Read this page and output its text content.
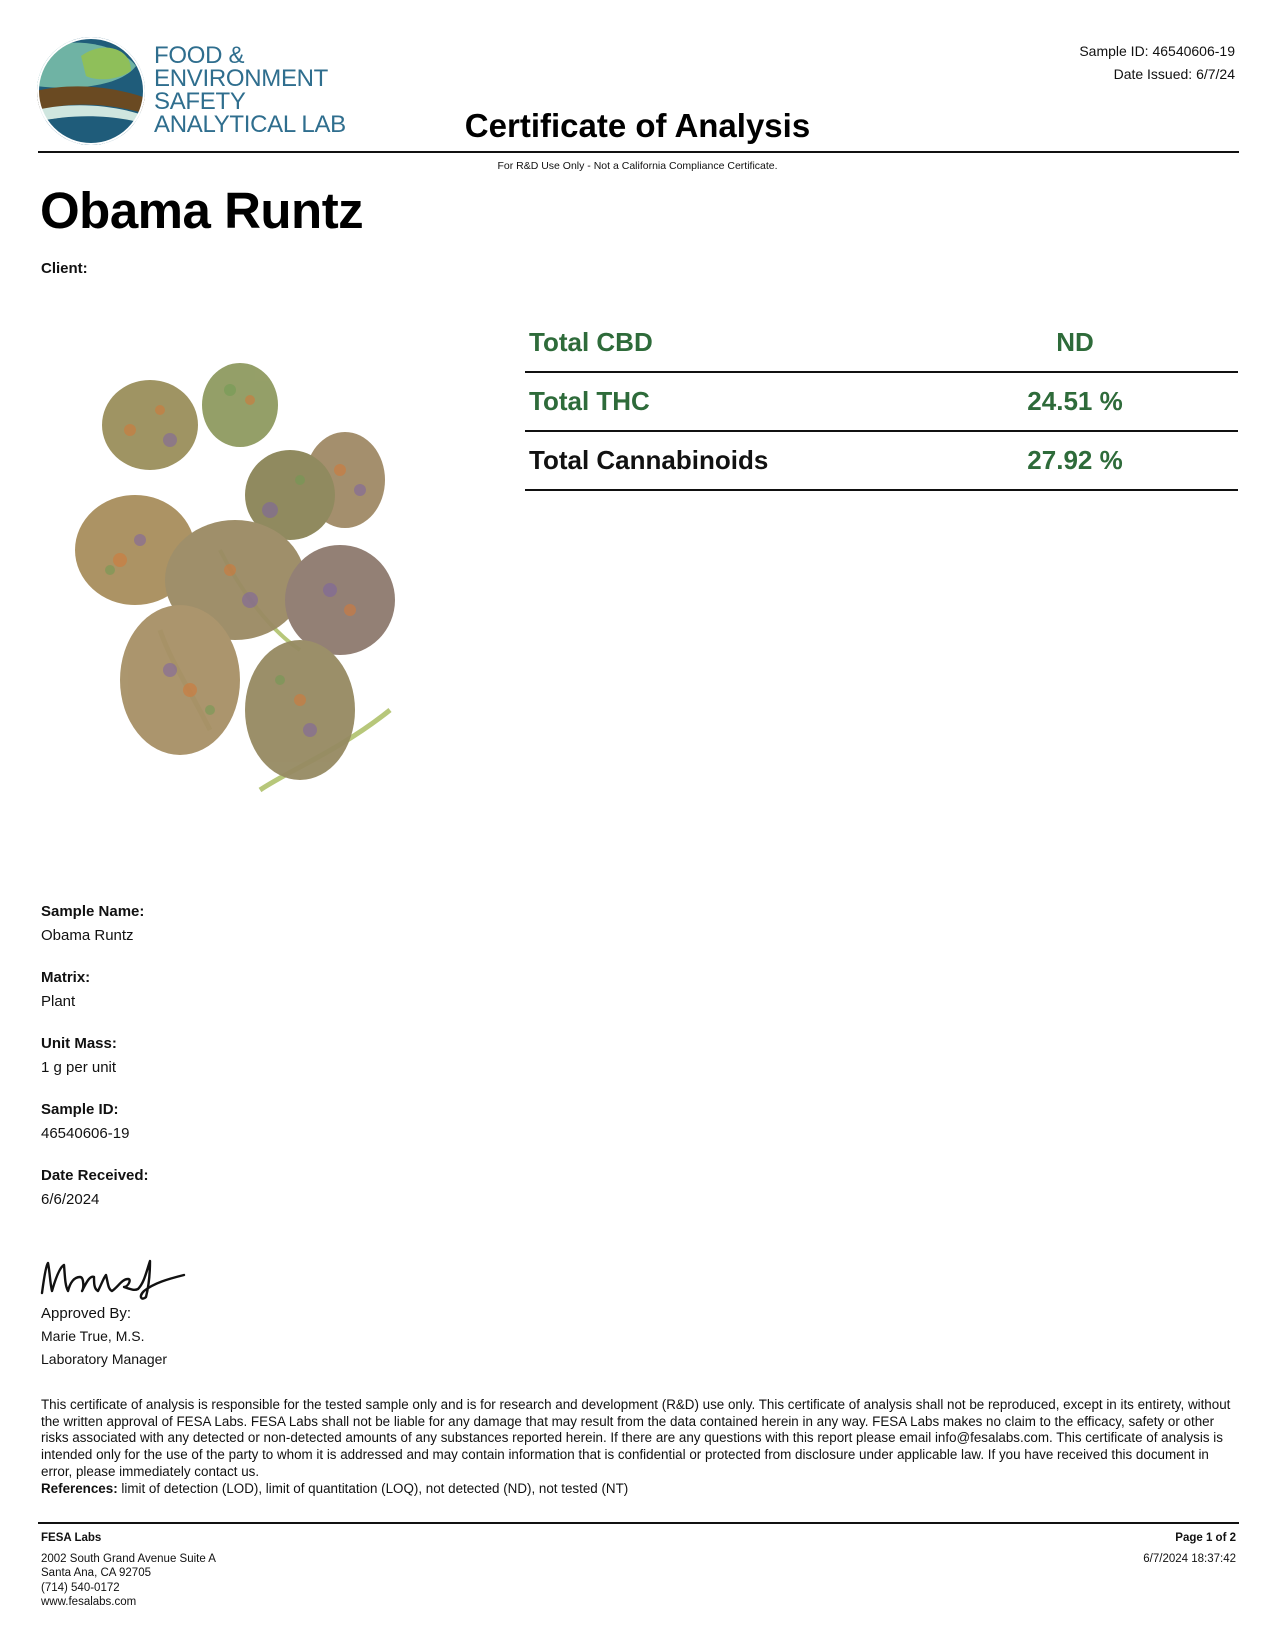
FOOD &
ENVIRONMENT
SAFETY
ANALYTICAL LAB
Sample ID: 46540606-19
Date Issued: 6/7/24
Certificate of Analysis
For R&D Use Only - Not a California Compliance Certificate.
Obama Runtz
Client:
Total CBD	ND
Total THC	24.51 %
Total Cannabinoids	27.92 %
Sample Name:
Obama Runtz
Matrix:
Plant
Unit Mass:
1 g per unit
Sample ID:
46540606-19
Date Received:
6/6/2024
Approved By:
Marie True, M.S.
Laboratory Manager
This certificate of analysis is responsible for the tested sample only and is for research and development (R&D) use only. This certificate of analysis shall not be reproduced, except in its entirety, without the written approval of FESA Labs. FESA Labs shall not be liable for any damage that may result from the data contained herein in any way. FESA Labs makes no claim to the efficacy, safety or other risks associated with any detected or non-detected amounts of any substances reported herein. If there are any questions with this report please email info@fesalabs.com. This certificate of analysis is intended only for the use of the party to whom it is addressed and may contain information that is confidential or protected from disclosure under applicable law. If you have received this document in error, please immediately contact us.
References: limit of detection (LOD), limit of quantitation (LOQ), not detected (ND), not tested (NT)
FESA Labs
2002 South Grand Avenue Suite A
Santa Ana, CA 92705
(714) 540-0172
www.fesalabs.com
Page 1 of 2
6/7/2024 18:37:42
